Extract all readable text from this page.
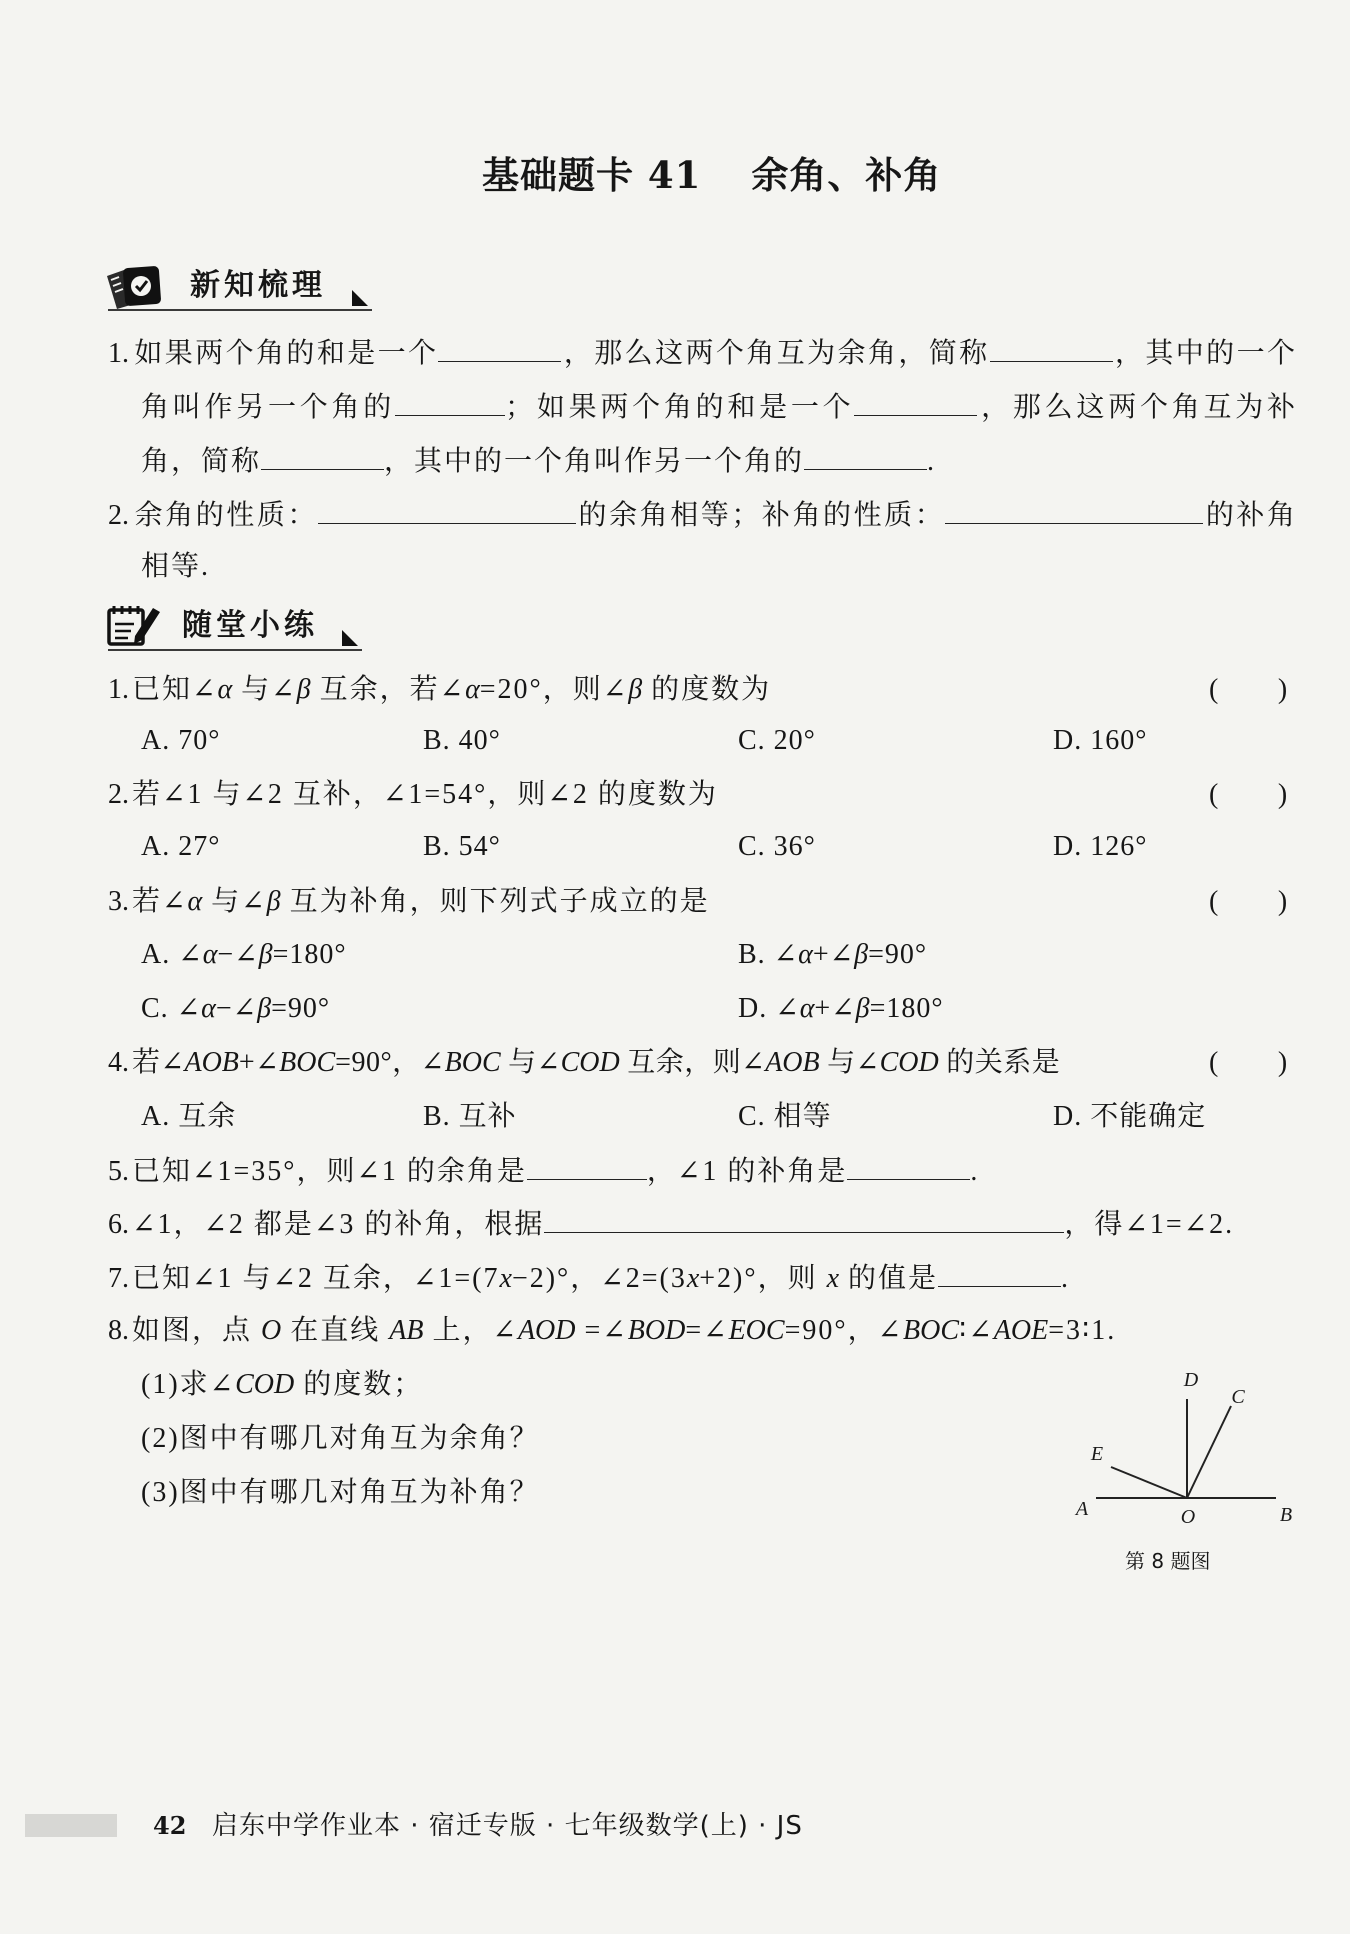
基础题卡 41 余角、补角
新知梳理
1. 如果两个角的和是一个	，那么这两个角互为余角，简称	，其中的一个
角叫作另一个角的	；如果两个角的和是一个	，那么这两个角互为补
角，简称	，其中的一个角叫作另一个角的	.
2. 余角的性质：	的余角相等；补角的性质：	的补角
相等.
随堂小练
1. 已知∠α 与∠β 互余，若∠α=20°，则∠β 的度数为	(      )
A. 70°	B. 40°	C. 20°	D. 160°
2. 若∠1 与∠2 互补，∠1=54°，则∠2 的度数为	(      )
A. 27°	B. 54°	C. 36°	D. 126°
3. 若∠α 与∠β 互为补角，则下列式子成立的是	(      )
A. ∠α−∠β=180°	B. ∠α+∠β=90°
C. ∠α−∠β=90°	D. ∠α+∠β=180°
4. 若∠AOB+∠BOC=90°，∠BOC 与∠COD 互余，则∠AOB 与∠COD 的关系是	(      )
A. 互余	B. 互补	C. 相等	D. 不能确定
5. 已知∠1=35°，则∠1 的余角是	，∠1 的补角是	.
6. ∠1，∠2 都是∠3 的补角，根据	，得∠1=∠2.
7. 已知∠1 与∠2 互余，∠1=(7x−2)°，∠2=(3x+2)°，则 x 的值是	.
8. 如图，点 O 在直线 AB 上，∠AOD =∠BOD=∠EOC=90°，∠BOC∶∠AOE=3∶1.
(1)求∠COD 的度数；
(2)图中有哪几对角互为余角？
(3)图中有哪几对角互为补角？
D
C
E
A	O	B
第 8 题图
42 启东中学作业本 · 宿迁专版 · 七年级数学(上) · JS
